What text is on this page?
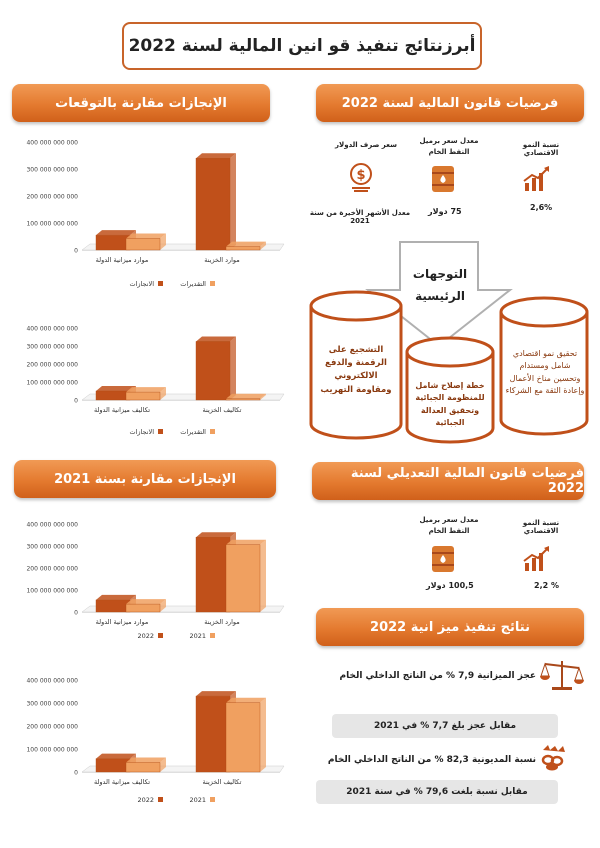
أبرزنتائج تنفيذ قو انين المالية لسنة 2022
الإنجازات مقارنة بالتوقعات
الإنجازات مقارنة بسنة 2021
0
100 000 000 000
200 000 000 000
300 000 000 000
400 000 000 000
موارد الخزينة
موارد ميزانية الدولة
الانجازات	التقديرات
0
100 000 000 000
200 000 000 000
300 000 000 000
400 000 000 000
تكاليف الخزينة
تكاليف ميزانية الدولة
الانجازات	التقديرات
0
100 000 000 000
200 000 000 000
300 000 000 000
400 000 000 000
موارد الخزينة
موارد ميزانية الدولة
2022	2021
0
100 000 000 000
200 000 000 000
300 000 000 000
400 000 000 000
تكاليف الخزينة
تكاليف ميزانية الدولة
2022	2021
فرضيات قانون المالية لسنة 2022
نسبة النمو الاقتصادي
2,6%
معدل سعر برميل النفط الخام
75 دولار
سعر صرف الدولار
$
معدل الأشهر الأخيرة من سنة 2021
التوجهات الرئيسية
التشجيع على الرقمنة والدفع الالكتروني ومقاومة التهريب	خطة إصلاح شامل للمنظومة الجبائية وتحقيق العدالة الجبائية
تحقيق نمو اقتصادي شامل ومستدام وتحسين مناخ الأعمال وإعادة الثقة مع الشركاء
فرضيات قانون المالية التعديلي لسنة 2022
نسبة النمو الاقتصادي
% 2,2
معدل سعر برميل النفط الخام
100,5 دولار
نتائج تنفيذ ميز انية 2022
عجز الميزانية 7,9 % من الناتج الداخلي الخام
مقابل عجز بلغ 7,7 % في 2021
نسبة المديونية 82,3 % من الناتج الداخلي الخام
مقابل نسبة بلغت 79,6 % في سنة 2021
